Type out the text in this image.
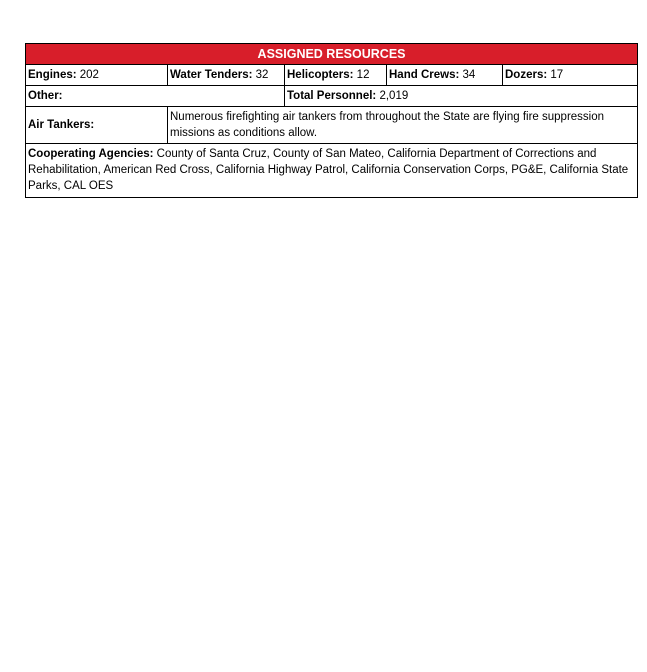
ASSIGNED RESOURCES				
Engines: 202	Water Tenders: 32	Helicopters: 12	Hand Crews: 34	Dozers: 17
Other:		Total Personnel: 2,019		
Air Tankers:	Numerous firefighting air tankers from throughout the State are flying fire suppression missions as conditions allow.			
Cooperating Agencies: County of Santa Cruz, County of San Mateo, California Department of Corrections and Rehabilitation, American Red Cross, California Highway Patrol, California Conservation Corps, PG&E, California State Parks, CAL OES				
